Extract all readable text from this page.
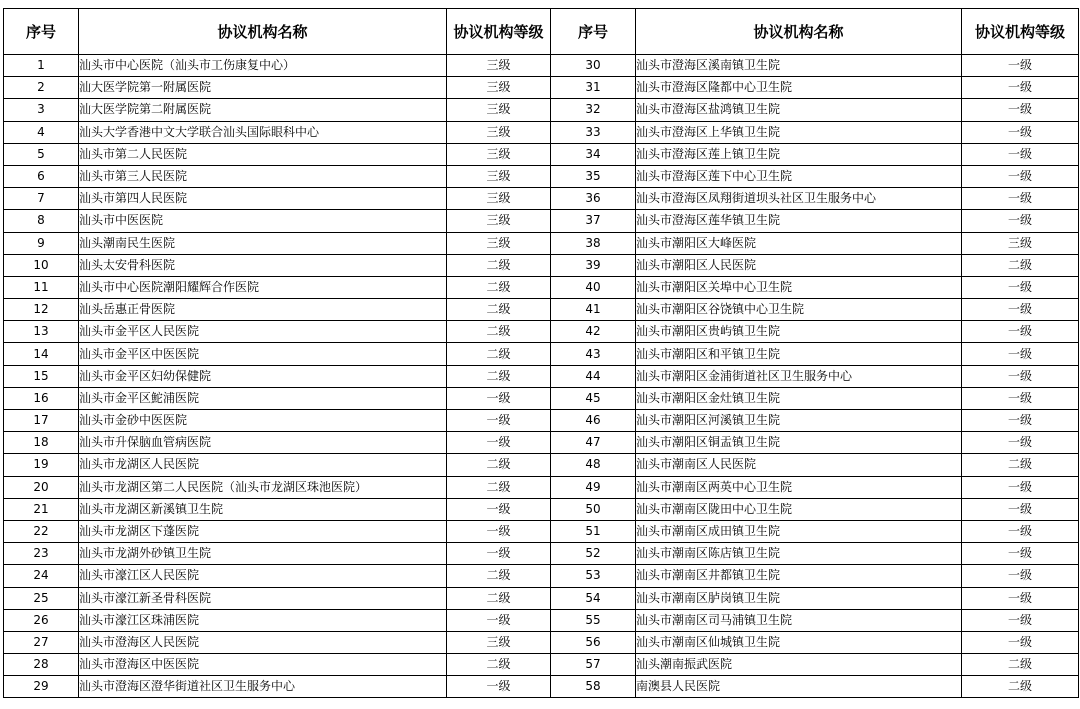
序号	协议机构名称	协议机构等级	序号	协议机构名称	协议机构等级
1	汕头市中心医院（汕头市工伤康复中心）	三级	30	汕头市澄海区溪南镇卫生院	一级
2	汕大医学院第一附属医院	三级	31	汕头市澄海区隆都中心卫生院	一级
3	汕大医学院第二附属医院	三级	32	汕头市澄海区盐鸿镇卫生院	一级
4	汕头大学香港中文大学联合汕头国际眼科中心	三级	33	汕头市澄海区上华镇卫生院	一级
5	汕头市第二人民医院	三级	34	汕头市澄海区莲上镇卫生院	一级
6	汕头市第三人民医院	三级	35	汕头市澄海区莲下中心卫生院	一级
7	汕头市第四人民医院	三级	36	汕头市澄海区凤翔街道坝头社区卫生服务中心	一级
8	汕头市中医医院	三级	37	汕头市澄海区莲华镇卫生院	一级
9	汕头潮南民生医院	三级	38	汕头市潮阳区大峰医院	三级
10	汕头太安骨科医院	二级	39	汕头市潮阳区人民医院	二级
11	汕头市中心医院潮阳耀辉合作医院	二级	40	汕头市潮阳区关埠中心卫生院	一级
12	汕头岳惠正骨医院	二级	41	汕头市潮阳区谷饶镇中心卫生院	一级
13	汕头市金平区人民医院	二级	42	汕头市潮阳区贵屿镇卫生院	一级
14	汕头市金平区中医医院	二级	43	汕头市潮阳区和平镇卫生院	一级
15	汕头市金平区妇幼保健院	二级	44	汕头市潮阳区金浦街道社区卫生服务中心	一级
16	汕头市金平区鮀浦医院	一级	45	汕头市潮阳区金灶镇卫生院	一级
17	汕头市金砂中医医院	一级	46	汕头市潮阳区河溪镇卫生院	一级
18	汕头市升保脑血管病医院	一级	47	汕头市潮阳区铜盂镇卫生院	一级
19	汕头市龙湖区人民医院	二级	48	汕头市潮南区人民医院	二级
20	汕头市龙湖区第二人民医院（汕头市龙湖区珠池医院）	二级	49	汕头市潮南区两英中心卫生院	一级
21	汕头市龙湖区新溪镇卫生院	一级	50	汕头市潮南区陇田中心卫生院	一级
22	汕头市龙湖区下蓬医院	一级	51	汕头市潮南区成田镇卫生院	一级
23	汕头市龙湖外砂镇卫生院	一级	52	汕头市潮南区陈店镇卫生院	一级
24	汕头市濠江区人民医院	二级	53	汕头市潮南区井都镇卫生院	一级
25	汕头市濠江新圣骨科医院	二级	54	汕头市潮南区胪岗镇卫生院	一级
26	汕头市濠江区珠浦医院	一级	55	汕头市潮南区司马浦镇卫生院	一级
27	汕头市澄海区人民医院	三级	56	汕头市潮南区仙城镇卫生院	一级
28	汕头市澄海区中医医院	二级	57	汕头潮南振武医院	二级
29	汕头市澄海区澄华街道社区卫生服务中心	一级	58	南澳县人民医院	二级
